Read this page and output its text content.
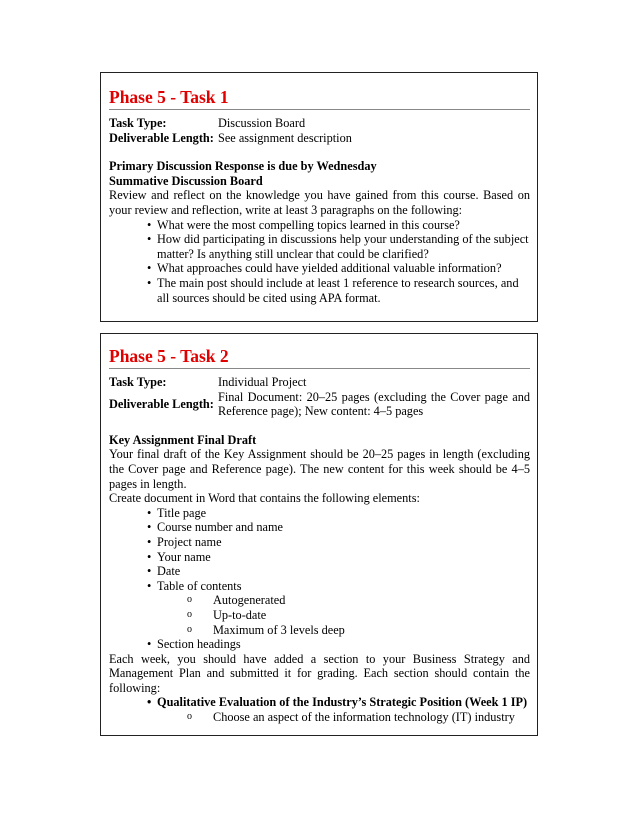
Phase 5 - Task 1
Task Type:	Discussion Board
Deliverable Length:	See assignment description
Primary Discussion Response is due by Wednesday
Summative Discussion Board
Review and reflect on the knowledge you have gained from this course. Based on your review and reflection, write at least 3 paragraphs on the following:
• What were the most compelling topics learned in this course?
• How did participating in discussions help your understanding of the subject matter? Is anything still unclear that could be clarified?
• What approaches could have yielded additional valuable information?
• The main post should include at least 1 reference to research sources, and all sources should be cited using APA format.
Phase 5 - Task 2
Task Type:	Individual Project
Deliverable Length:	Final Document: 20–25 pages (excluding the Cover page and Reference page); New content: 4–5 pages
Key Assignment Final Draft
Your final draft of the Key Assignment should be 20–25 pages in length (excluding the Cover page and Reference page). The new content for this week should be 4–5 pages in length.
Create document in Word that contains the following elements:
• Title page
• Course number and name
• Project name
• Your name
• Date
• Table of contents
o Autogenerated
o Up-to-date
o Maximum of 3 levels deep
• Section headings
Each week, you should have added a section to your Business Strategy and Management Plan and submitted it for grading. Each section should contain the following:
• Qualitative Evaluation of the Industry’s Strategic Position (Week 1 IP)
o Choose an aspect of the information technology (IT) industry
